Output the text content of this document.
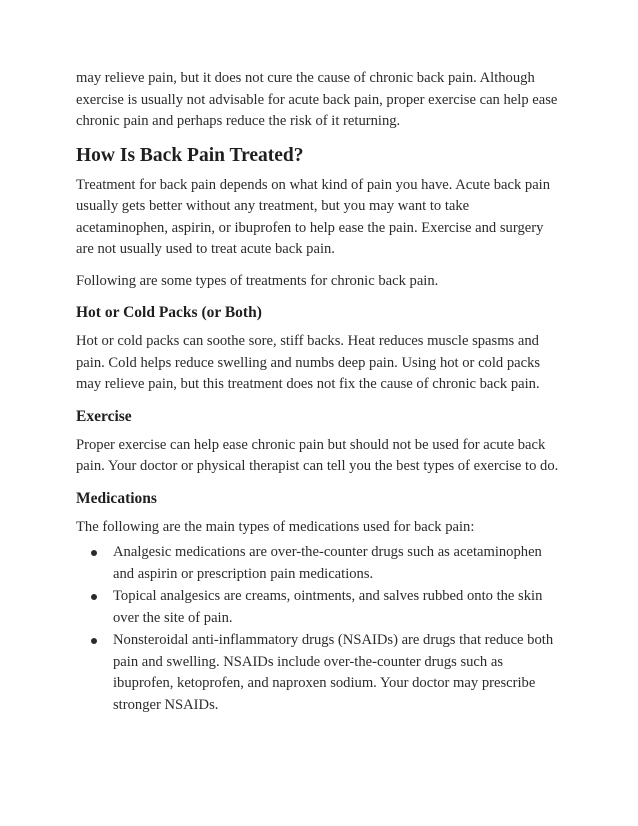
may relieve pain, but it does not cure the cause of chronic back pain. Although exercise is usually not advisable for acute back pain, proper exercise can help ease chronic pain and perhaps reduce the risk of it returning.

How Is Back Pain Treated?

Treatment for back pain depends on what kind of pain you have. Acute back pain usually gets better without any treatment, but you may want to take acetaminophen, aspirin, or ibuprofen to help ease the pain. Exercise and surgery are not usually used to treat acute back pain.

Following are some types of treatments for chronic back pain.

Hot or Cold Packs (or Both)

Hot or cold packs can soothe sore, stiff backs. Heat reduces muscle spasms and pain. Cold helps reduce swelling and numbs deep pain. Using hot or cold packs may relieve pain, but this treatment does not fix the cause of chronic back pain.

Exercise

Proper exercise can help ease chronic pain but should not be used for acute back pain. Your doctor or physical therapist can tell you the best types of exercise to do.

Medications

The following are the main types of medications used for back pain:

Analgesic medications are over-the-counter drugs such as acetaminophen and aspirin or prescription pain medications.
Topical analgesics are creams, ointments, and salves rubbed onto the skin over the site of pain.
Nonsteroidal anti-inflammatory drugs (NSAIDs) are drugs that reduce both pain and swelling. NSAIDs include over-the-counter drugs such as ibuprofen, ketoprofen, and naproxen sodium. Your doctor may prescribe stronger NSAIDs.
